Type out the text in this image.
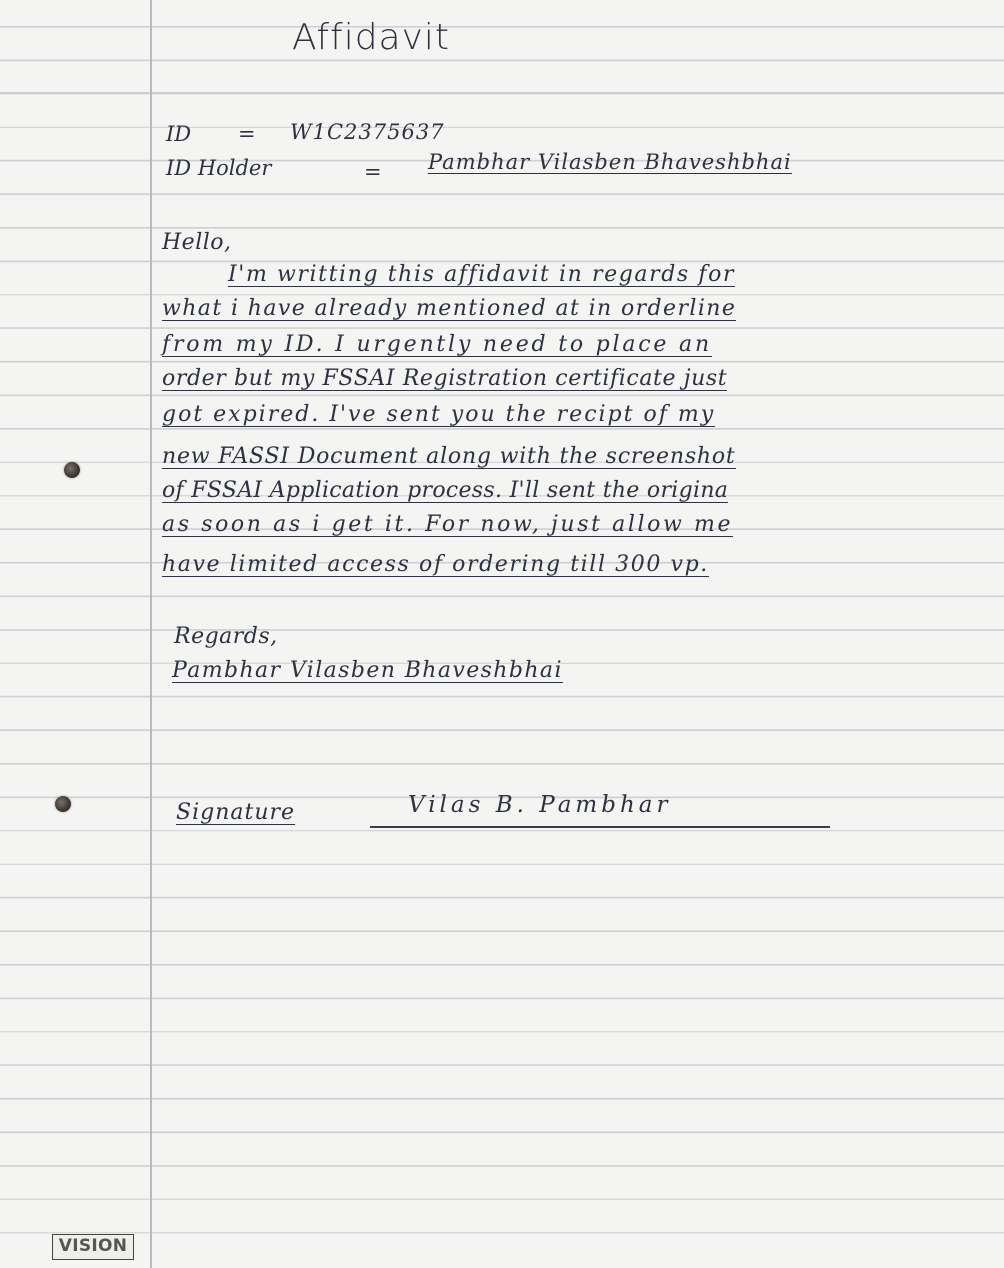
Affidavit
ID = W1C2375637
ID Holder	= Pambhar Vilasben Bhaveshbhai
Hello,
I'm writting this affidavit in regards for
what i have already mentioned at in orderline
from my ID. I urgently need to place an
order but my FSSAI Registration certificate just
got expired. I've sent you the recipt of my
new FASSI Document along with the screenshot
of FSSAI Application process. I'll sent the origina
as soon as i get it. For now, just allow me
have limited access of ordering till 300 vp.
Regards,
Pambhar Vilasben Bhaveshbhai
Signature	Vilas B. Pambhar
VISION
